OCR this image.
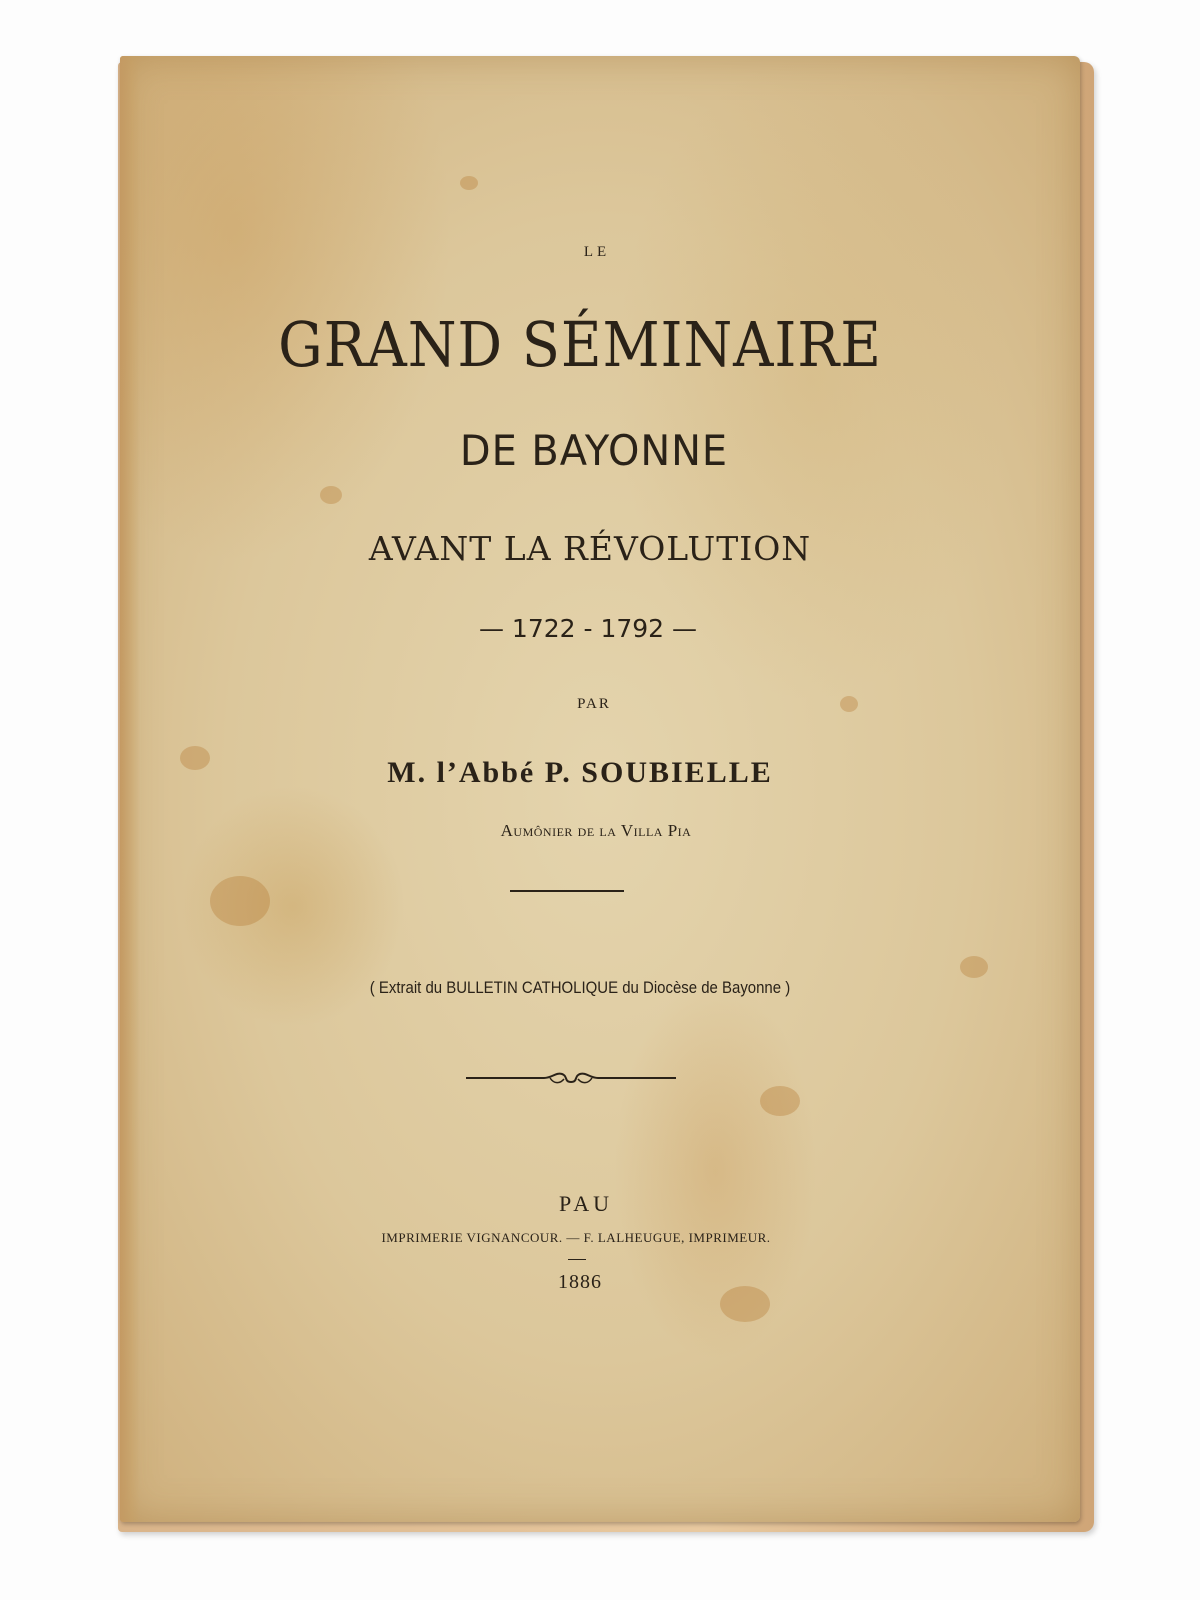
LE

GRAND SÉMINAIRE

DE BAYONNE

AVANT LA RÉVOLUTION

— 1722 - 1792 —

PAR

M. l’Abbé P. SOUBIELLE

Aumônier de la Villa Pia

( Extrait du BULLETIN CATHOLIQUE du Diocèse de Bayonne )

PAU

IMPRIMERIE VIGNANCOUR. — F. LALHEUGUE, IMPRIMEUR.

1886
